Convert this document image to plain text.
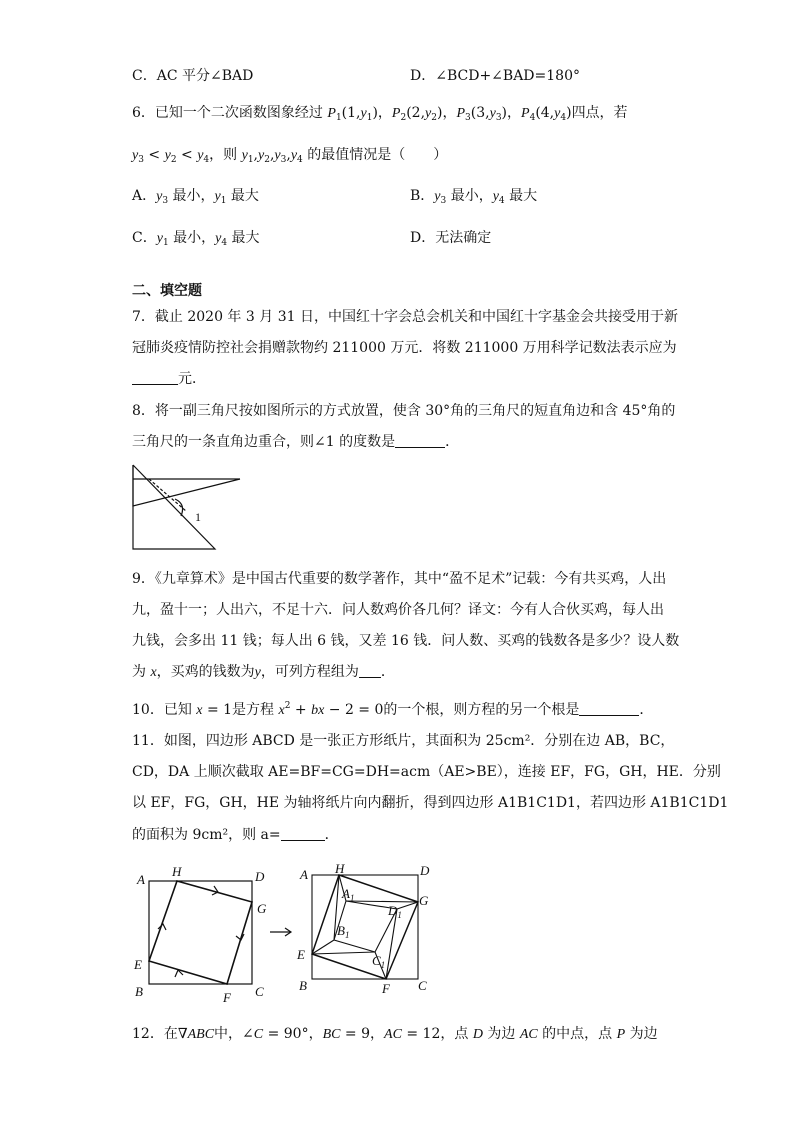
C．AC 平分∠BAD	D．∠BCD+∠BAD=180°
6．已知一个二次函数图象经过 $P_1(1,y_1)$，$P_2(2,y_2)$，$P_3(3,y_3)$，$P_4(4,y_4)$四点，若
$y_3 < y_2 < y_4$，则 $y_1,y_2,y_3,y_4$ 的最值情况是（　　）
A．$y_3$ 最小，$y_1$ 最大	B．$y_3$ 最小，$y_4$ 最大
C．$y_1$ 最小，$y_4$ 最大	D．无法确定
二、填空题
7．截止 2020 年 3 月 31 日，中国红十字会总会机关和中国红十字基金会共接受用于新
冠肺炎疫情防控社会捐赠款物约 211000 万元．将数 211000 万用科学记数法表示应为
元．
8．将一副三角尺按如图所示的方式放置，使含 30°角的三角尺的短直角边和含 45°角的
三角尺的一条直角边重合，则∠1 的度数是	．
1
9．《九章算术》是中国古代重要的数学著作，其中“盈不足术”记载：今有共买鸡，人出
九，盈十一；人出六，不足十六．问人数鸡价各几何？译文：今有人合伙买鸡，每人出
九钱，会多出 11 钱；每人出 6 钱，又差 16 钱．问人数、买鸡的钱数各是多少？设人数
为 x，买鸡的钱数为y，可列方程组为 ．
10．已知 x = 1是方程 $x^2$ + bx − 2 = 0的一个根，则方程的另一个根是	．
11．如图，四边形 ABCD 是一张正方形纸片，其面积为 25cm²．分别在边 AB，BC，
CD，DA 上顺次截取 AE=BF=CG=DH=acm（AE>BE），连接 EF，FG，GH，HE．分别
以 EF，FG，GH，HE 为轴将纸片向内翻折，得到四边形 A1B1C1D1，若四边形 A1B1C1D1
的面积为 9cm²，则 a=	．
A
H	D
G
E
B	F C
A H	D
G
E
B	F C
$A_1$
$B_1$
$C_1$
$D_1$
12．在∇ABC中，∠C = 90°，BC = 9，AC = 12，点 D 为边 AC 的中点，点 P 为边
